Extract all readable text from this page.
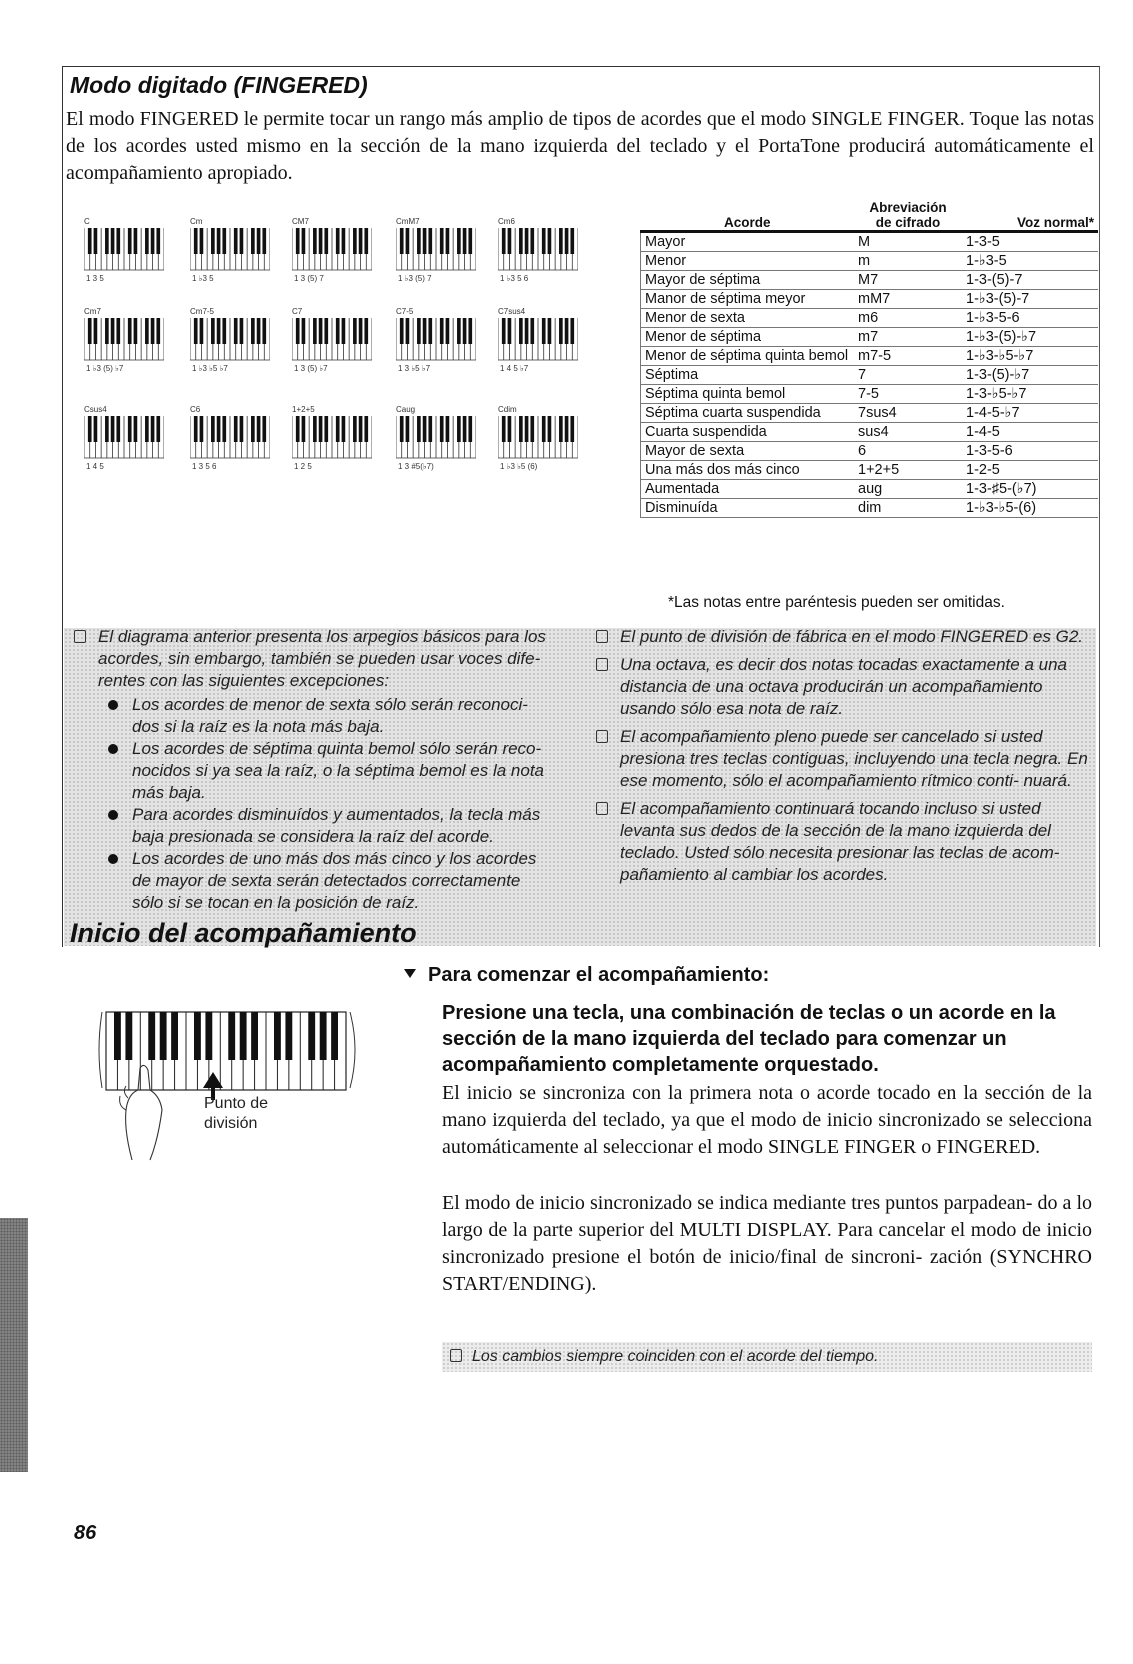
Modo digitado (FINGERED)
El modo FINGERED le permite tocar un rango más amplio de tipos de acordes que el modo SINGLE FINGER. Toque las notas de los acordes usted mismo en la sección de la mano izquierda del teclado y el PortaTone producirá automáticamente el acompañamiento apropiado.
C
1 3 5
Cm
1 ♭3 5
CM7
1 3 (5) 7
CmM7
1 ♭3 (5) 7
Cm6
1 ♭3 5 6
Cm7
1 ♭3 (5) ♭7
Cm7-5
1 ♭3 ♭5 ♭7
C7
1 3 (5) ♭7
C7-5
1 3 ♭5 ♭7
C7sus4
1 4 5 ♭7
Csus4
1 4 5
C6
1 3 5 6
1+2+5
1 2 5
Caug
1 3 #5(♭7)
Cdim
1 ♭3 ♭5 (6)
Acorde	Abreviación
de cifrado	Voz normal*
Mayor	M	1-3-5
Menor	m	1-♭3-5
Mayor de séptima	M7	1-3-(5)-7
Manor de séptima meyor	mM7	1-♭3-(5)-7
Menor de sexta	m6	1-♭3-5-6
Menor de séptima	m7	1-♭3-(5)-♭7
Menor de séptima quinta bemol	m7-5	1-♭3-♭5-♭7
Séptima	7	1-3-(5)-♭7
Séptima quinta bemol	7-5	1-3-♭5-♭7
Séptima cuarta suspendida	7sus4	1-4-5-♭7
Cuarta suspendida	sus4	1-4-5
Mayor de sexta	6	1-3-5-6
Una más dos más cinco	1+2+5	1-2-5
Aumentada	aug	1-3-♯5-(♭7)
Disminuída	dim	1-♭3-♭5-(6)
*Las notas entre paréntesis pueden ser omitidas.
El diagrama anterior presenta los arpegios básicos para los acordes, sin embargo, también se pueden usar voces dife- rentes con las siguientes excepciones:
Los acordes de menor de sexta sólo serán reconoci- dos si la raíz es la nota más baja.
Los acordes de séptima quinta bemol sólo serán reco- nocidos si ya sea la raíz, o la séptima bemol es la nota más baja.
Para acordes disminuídos y aumentados, la tecla más baja presionada se considera la raíz del acorde.
Los acordes de uno más dos más cinco y los acordes de mayor de sexta serán detectados correctamente sólo si se tocan en la posición de raíz.
El punto de división de fábrica en el modo FINGERED es G2.
Una octava, es decir dos notas tocadas exactamente a una distancia de una octava producirán un acompañamiento usando sólo esa nota de raíz.
El acompañamiento pleno puede ser cancelado si usted presiona tres teclas contiguas, incluyendo una tecla negra. En ese momento, sólo el acompañamiento rítmico conti- nuará.
El acompañamiento continuará tocando incluso si usted levanta sus dedos de la sección de la mano izquierda del teclado. Usted sólo necesita presionar las teclas de acom- pañamiento al cambiar los acordes.
Inicio del acompañamiento
Para comenzar el acompañamiento:
Presione una tecla, una combinación de teclas o un acorde en la sección de la mano izquierda del teclado para comenzar un acompañamiento completamente orquestado.
El inicio se sincroniza con la primera nota o acorde tocado en la sección de la mano izquierda del teclado, ya que el modo de inicio sincronizado se selecciona automáticamente al seleccionar el modo SINGLE FINGER o FINGERED.
El modo de inicio sincronizado se indica mediante tres puntos parpadean- do a lo largo de la parte superior del MULTI DISPLAY. Para cancelar el modo de inicio sincronizado presione el botón de inicio/final de sincroni- zación (SYNCHRO START/ENDING).
Punto de
división
Los cambios siempre coinciden con el acorde del tiempo.
86
